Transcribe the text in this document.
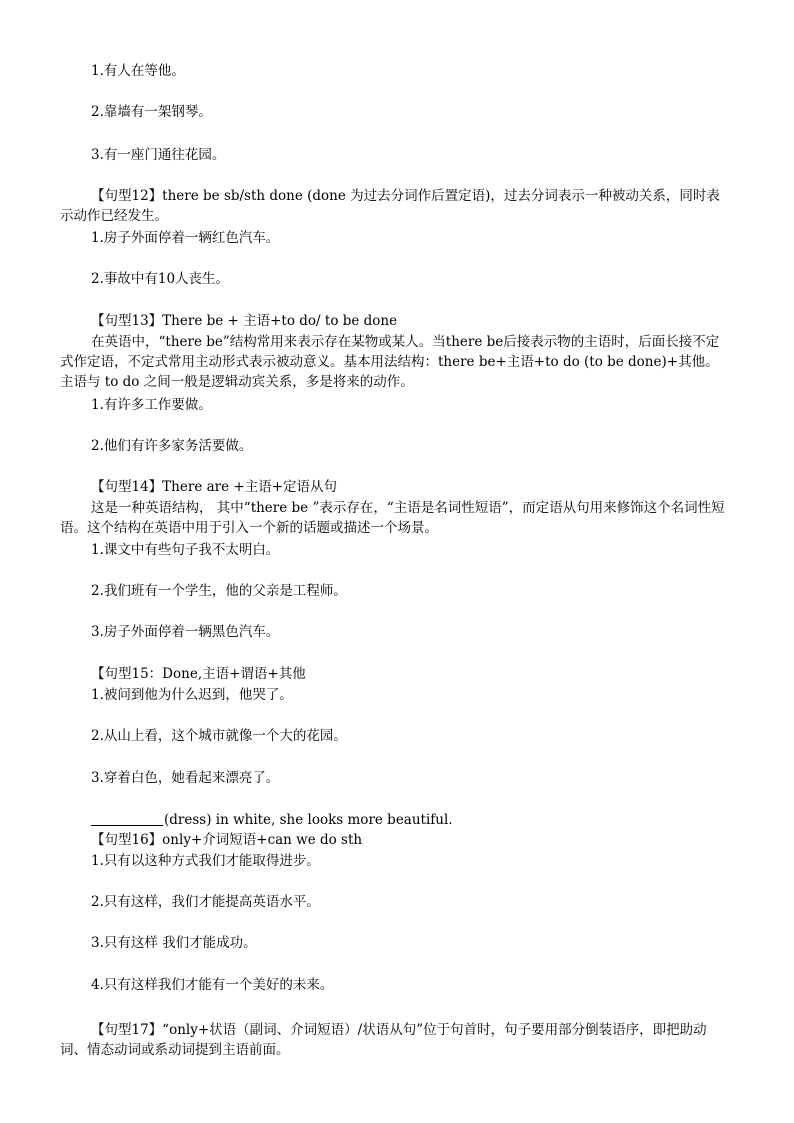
1.有人在等他。
2.靠墙有一架钢琴。
3.有一座门通往花园。
【句型12】there be sb/sth done (done 为过去分词作后置定语)，过去分词表示一种被动关系，同时表示动作已经发生。
1.房子外面停着一辆红色汽车。
2.事故中有10人丧生。
【句型13】There be + 主语+to do/ to be done
在英语中，“there be”结构常用来表示存在某物或某人。当there be后接表示物的主语时，后面长接不定式作定语，不定式常用主动形式表示被动意义。基本用法结构：there be+主语+to do (to be done)+其他。主语与 to do 之间一般是逻辑动宾关系，多是将来的动作。
1.有许多工作要做。
2.他们有许多家务活要做。
【句型14】There are +主语+定语从句
这是一种英语结构， 其中“there be ”表示存在，“主语是名词性短语”，而定语从句用来修饰这个名词性短语。这个结构在英语中用于引入一个新的话题或描述一个场景。
1.课文中有些句子我不太明白。
2.我们班有一个学生，他的父亲是工程师。
3.房子外面停着一辆黑色汽车。
【句型15：Done,主语+谓语+其他
1.被问到他为什么迟到，他哭了。
2.从山上看，这个城市就像一个大的花园。
3.穿着白色，她看起来漂亮了。
(dress) in white, she looks more beautiful.
【句型16】only+介词短语+can we do sth
1.只有以这种方式我们才能取得进步。
2.只有这样，我们才能提高英语水平。
3.只有这样 我们才能成功。
4.只有这样我们才能有一个美好的未来。
【句型17】“only+状语（副词、介词短语）/状语从句”位于句首时，句子要用部分倒装语序，即把助动词、情态动词或系动词提到主语前面。
